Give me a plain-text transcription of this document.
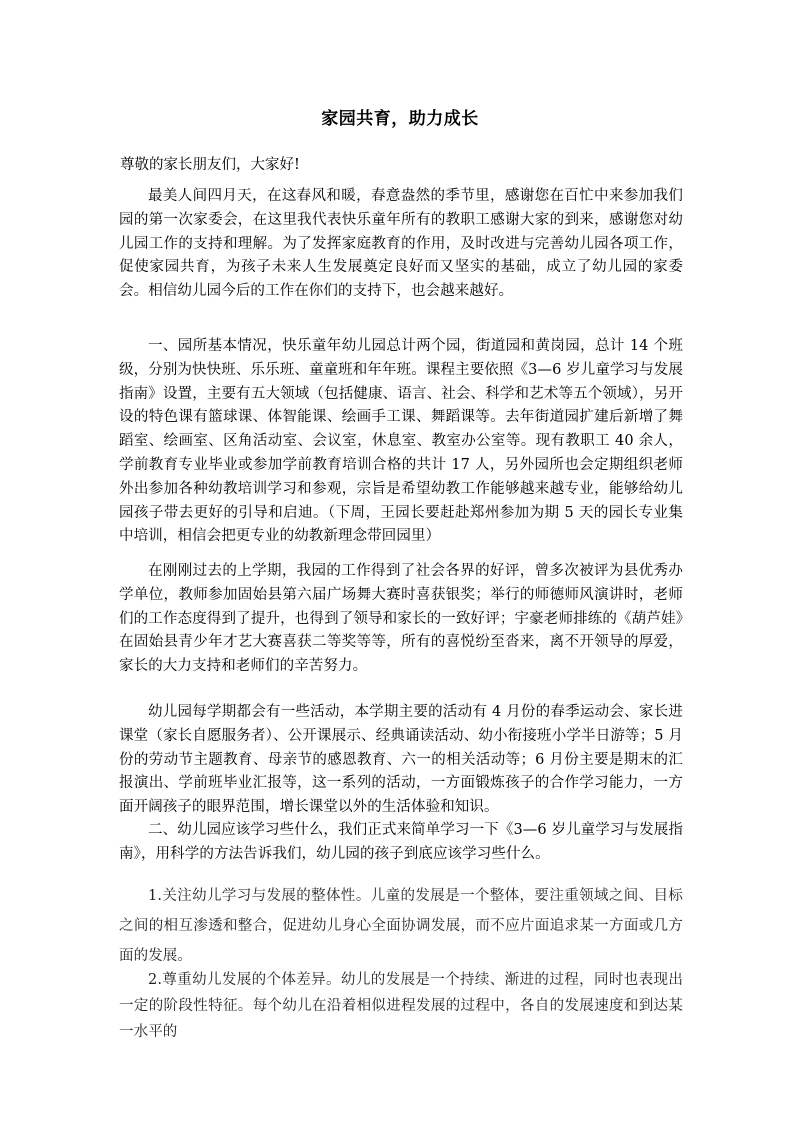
家园共育，助力成长
尊敬的家长朋友们，大家好!

最美人间四月天，在这春风和暖，春意盎然的季节里，感谢您在百忙中来参加我们园的第一次家委会，在这里我代表快乐童年所有的教职工感谢大家的到来，感谢您对幼儿园工作的支持和理解。为了发挥家庭教育的作用，及时改进与完善幼儿园各项工作，促使家园共育，为孩子未来人生发展奠定良好而又坚实的基础，成立了幼儿园的家委会。相信幼儿园今后的工作在你们的支持下，也会越来越好。

一、园所基本情况，快乐童年幼儿园总计两个园，街道园和黄岗园，总计 14 个班级，分别为快快班、乐乐班、童童班和年年班。课程主要依照《3—6 岁儿童学习与发展指南》设置，主要有五大领域（包括健康、语言、社会、科学和艺术等五个领域），另开设的特色课有篮球课、体智能课、绘画手工课、舞蹈课等。去年街道园扩建后新增了舞蹈室、绘画室、区角活动室、会议室，休息室、教室办公室等。现有教职工 40 余人，学前教育专业毕业或参加学前教育培训合格的共计 17 人，另外园所也会定期组织老师外出参加各种幼教培训学习和参观，宗旨是希望幼教工作能够越来越专业，能够给幼儿园孩子带去更好的引导和启迪。（下周，王园长要赶赴郑州参加为期 5 天的园长专业集中培训，相信会把更专业的幼教新理念带回园里）

在刚刚过去的上学期，我园的工作得到了社会各界的好评，曾多次被评为县优秀办学单位，教师参加固始县第六届广场舞大赛时喜获银奖；举行的师德师风演讲时，老师们的工作态度得到了提升，也得到了领导和家长的一致好评；宇豪老师排练的《葫芦娃》在固始县青少年才艺大赛喜获二等奖等等，所有的喜悦纷至沓来，离不开领导的厚爱，家长的大力支持和老师们的辛苦努力。

幼儿园每学期都会有一些活动，本学期主要的活动有 4 月份的春季运动会、家长进课堂（家长自愿服务者）、公开课展示、经典诵读活动、幼小衔接班小学半日游等；5 月份的劳动节主题教育、母亲节的感恩教育、六一的相关活动等；6 月份主要是期末的汇报演出、学前班毕业汇报等，这一系列的活动，一方面锻炼孩子的合作学习能力，一方面开阔孩子的眼界范围，增长课堂以外的生活体验和知识。

二、幼儿园应该学习些什么，我们正式来简单学习一下《3—6 岁儿童学习与发展指南》，用科学的方法告诉我们，幼儿园的孩子到底应该学习些什么。

1.关注幼儿学习与发展的整体性。儿童的发展是一个整体，要注重领域之间、目标之间的相互渗透和整合，促进幼儿身心全面协调发展，而不应片面追求某一方面或几方面的发展。

2.尊重幼儿发展的个体差异。幼儿的发展是一个持续、渐进的过程，同时也表现出一定的阶段性特征。每个幼儿在沿着相似进程发展的过程中，各自的发展速度和到达某一水平的
